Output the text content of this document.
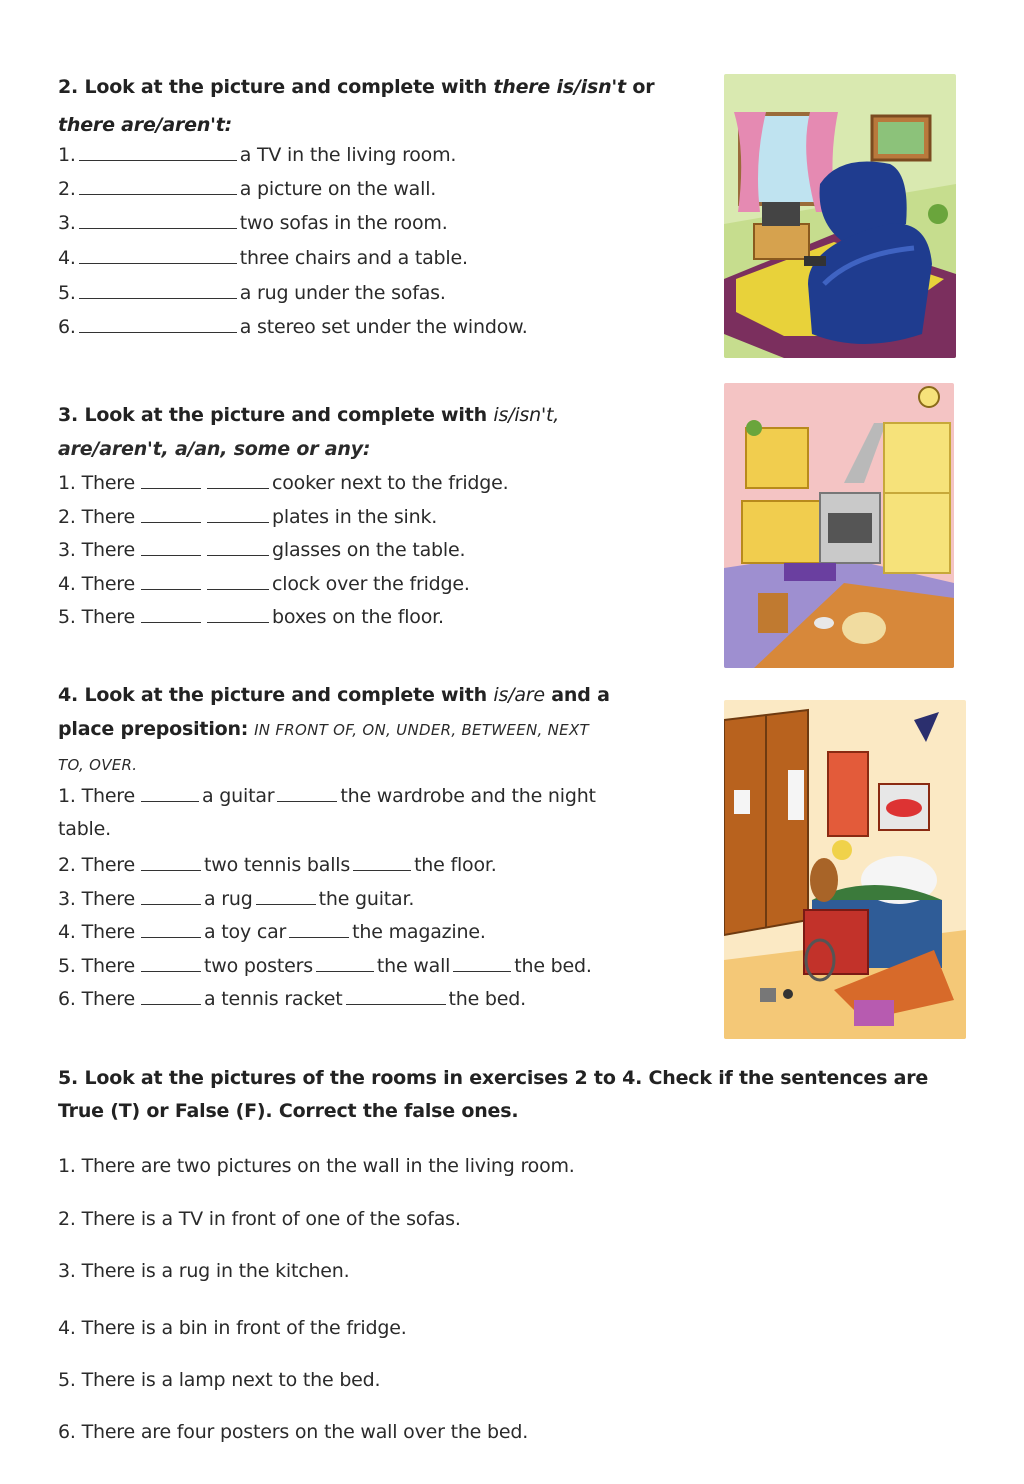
2. Look at the picture and complete with there is/isn't or
there are/aren't:
1.	a TV in the living room.
2.	a picture on the wall.
3.	two sofas in the room.
4.	three chairs and a table.
5.	a rug under the sofas.
6.	a stereo set under the window.
3. Look at the picture and complete with is/isn't,
are/aren't, a/an, some or any:
1. There	cooker next to the fridge.
2. There	plates in the sink.
3. There	glasses on the table.
4. There	clock over the fridge.
5. There	boxes on the floor.
4. Look at the picture and complete with is/are and a
place preposition: IN FRONT OF, ON, UNDER, BETWEEN, NEXT
TO, OVER.
1. There	a guitar	the wardrobe and the night
table.
2. There	two tennis balls	the floor.
3. There	a rug	the guitar.
4. There	a toy car	the magazine.
5. There	two posters	the wall	the bed.
6. There	a tennis racket	the bed.
5. Look at the pictures of the rooms in exercises 2 to 4. Check if the sentences are
True (T) or False (F). Correct the false ones.
1. There are two pictures on the wall in the living room.
2. There is a TV in front of one of the sofas.
3. There is a rug in the kitchen.
4. There is a bin in front of the fridge.
5. There is a lamp next to the bed.
6. There are four posters on the wall over the bed.
